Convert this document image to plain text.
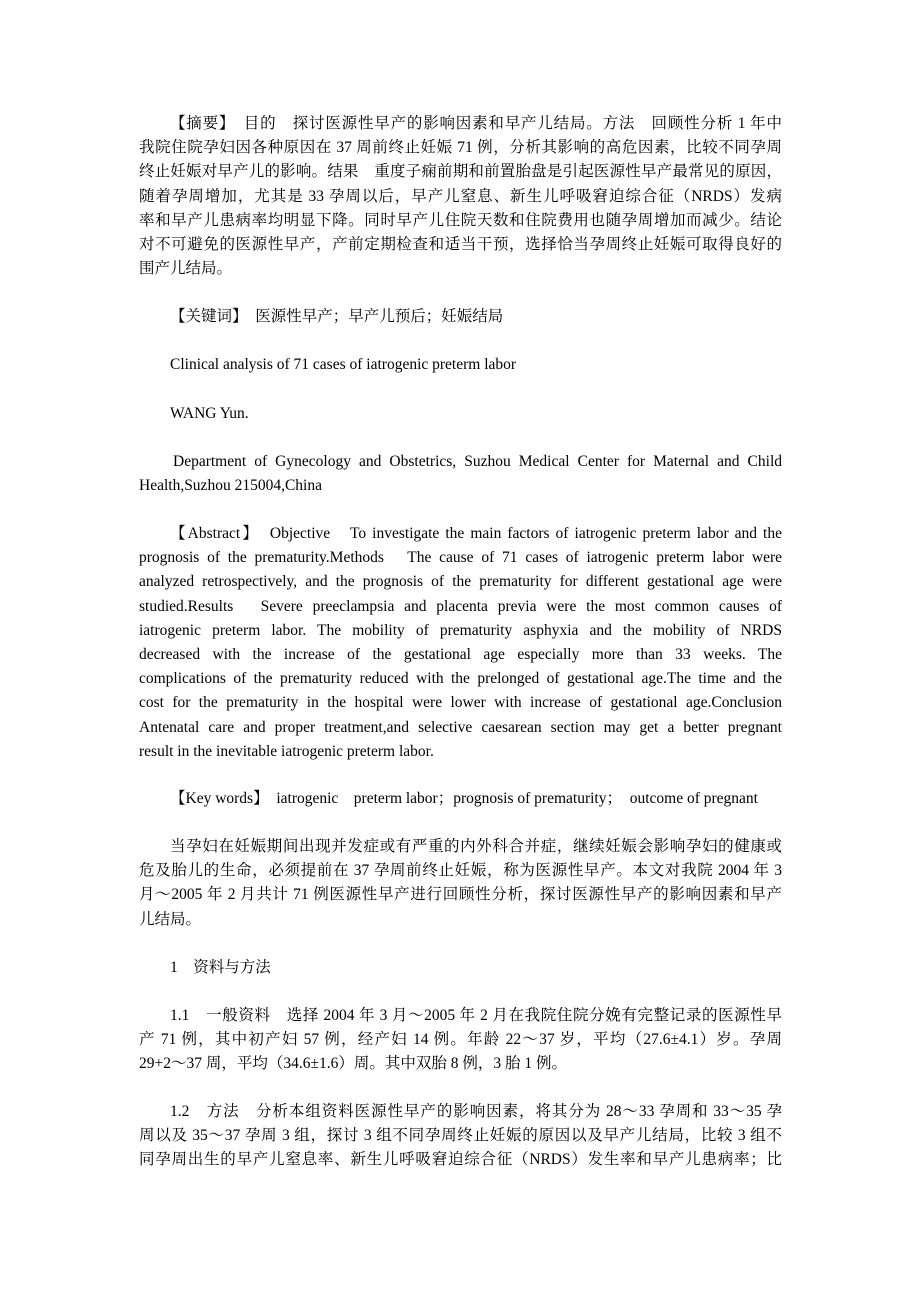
【摘要】　目的　探讨医源性早产的影响因素和早产儿结局。方法　回顾性分析 1 年中
我院住院孕妇因各种原因在 37 周前终止妊娠 71 例，分析其影响的高危因素，比较不同孕周
终止妊娠对早产儿的影响。结果　重度子痫前期和前置胎盘是引起医源性早产最常见的原因，
随着孕周增加，尤其是 33 孕周以后，早产儿窒息、新生儿呼吸窘迫综合征（NRDS）发病
率和早产儿患病率均明显下降。同时早产儿住院天数和住院费用也随孕周增加而减少。结论
对不可避免的医源性早产，产前定期检查和适当干预，选择恰当孕周终止妊娠可取得良好的
围产儿结局。
【关键词】　医源性早产；早产儿预后；妊娠结局
Clinical analysis of 71 cases of iatrogenic preterm labor
WANG Yun.
Department of Gynecology and Obstetrics, Suzhou Medical Center for Maternal and Child
Health,Suzhou 215004,China
【Abstract】　Objective　To investigate the main factors of iatrogenic preterm labor and the
prognosis of the prematurity.Methods　The cause of 71 cases of iatrogenic preterm labor were
analyzed retrospectively, and the prognosis of the prematurity for different gestational age were
studied.Results　Severe preeclampsia and placenta previa were the most common causes of
iatrogenic preterm labor. The mobility of prematurity asphyxia and the mobility of NRDS
decreased with the increase of the gestational age especially more than 33 weeks. The
complications of the prematurity reduced with the prelonged of gestational age.The time and the
cost for the prematurity in the hospital were lower with increase of gestational age.Conclusion
Antenatal care and proper treatment,and selective caesarean section may get a better pregnant
result in the inevitable iatrogenic preterm labor.
【Key words】　iatrogenic　preterm labor；prognosis of prematurity；　outcome of pregnant
当孕妇在妊娠期间出现并发症或有严重的内外科合并症，继续妊娠会影响孕妇的健康或
危及胎儿的生命，必须提前在 37 孕周前终止妊娠，称为医源性早产。本文对我院 2004 年 3
月～2005 年 2 月共计 71 例医源性早产进行回顾性分析，探讨医源性早产的影响因素和早产
儿结局。
1　资料与方法
1.1　一般资料　选择 2004 年 3 月～2005 年 2 月在我院住院分娩有完整记录的医源性早
产 71 例，其中初产妇 57 例，经产妇 14 例。年龄 22～37 岁，平均（27.6±4.1）岁。孕周
29+2～37 周，平均（34.6±1.6）周。其中双胎 8 例，3 胎 1 例。
1.2　方法　分析本组资料医源性早产的影响因素，将其分为 28～33 孕周和 33～35 孕
周以及 35～37 孕周 3 组，探讨 3 组不同孕周终止妊娠的原因以及早产儿结局，比较 3 组不
同孕周出生的早产儿窒息率、新生儿呼吸窘迫综合征（NRDS）发生率和早产儿患病率；比
